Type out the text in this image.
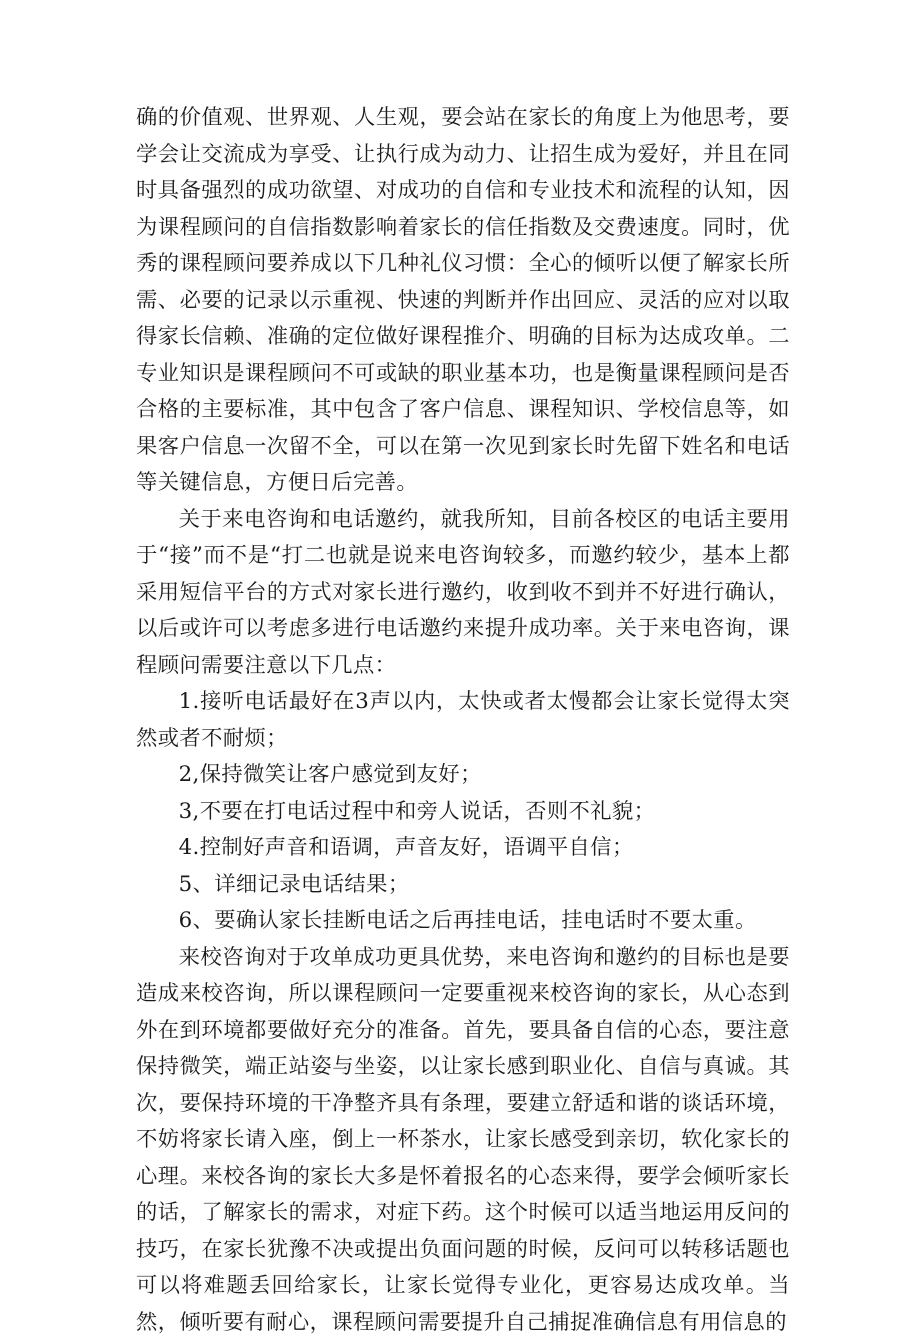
确的价值观、世界观、人生观，要会站在家长的角度上为他思考，要学会让交流成为享受、让执行成为动力、让招生成为爱好，并且在同时具备强烈的成功欲望、对成功的自信和专业技术和流程的认知，因为课程顾问的自信指数影响着家长的信任指数及交费速度。同时，优秀的课程顾问要养成以下几种礼仪习惯：全心的倾听以便了解家长所需、必要的记录以示重视、快速的判断并作出回应、灵活的应对以取得家长信赖、准确的定位做好课程推介、明确的目标为达成攻单。二专业知识是课程顾问不可或缺的职业基本功，也是衡量课程顾问是否合格的主要标准，其中包含了客户信息、课程知识、学校信息等，如果客户信息一次留不全，可以在第一次见到家长时先留下姓名和电话等关键信息，方便日后完善。

关于来电咨询和电话邀约，就我所知，目前各校区的电话主要用于“接”而不是“打二也就是说来电咨询较多，而邀约较少，基本上都采用短信平台的方式对家长进行邀约，收到收不到并不好进行确认，以后或许可以考虑多进行电话邀约来提升成功率。关于来电咨询，课程顾问需要注意以下几点：

1.接听电话最好在3声以内，太快或者太慢都会让家长觉得太突然或者不耐烦；

2,保持微笑让客户感觉到友好；

3,不要在打电话过程中和旁人说话，否则不礼貌；

4.控制好声音和语调，声音友好，语调平自信；

5、详细记录电话结果；

6、要确认家长挂断电话之后再挂电话，挂电话时不要太重。

来校咨询对于攻单成功更具优势，来电咨询和邀约的目标也是要造成来校咨询，所以课程顾问一定要重视来校咨询的家长，从心态到外在到环境都要做好充分的准备。首先，要具备自信的心态，要注意保持微笑，端正站姿与坐姿，以让家长感到职业化、自信与真诚。其次，要保持环境的干净整齐具有条理，要建立舒适和谐的谈话环境，不妨将家长请入座，倒上一杯茶水，让家长感受到亲切，软化家长的心理。来校各询的家长大多是怀着报名的心态来得，要学会倾听家长的话，了解家长的需求，对症下药。这个时候可以适当地运用反问的技巧，在家长犹豫不决或提出负面问题的时候，反问可以转移话题也可以将难题丢回给家长，让家长觉得专业化，更容易达成攻单。当然，倾听要有耐心，课程顾问需要提升自己捕捉准确信息有用信息的
